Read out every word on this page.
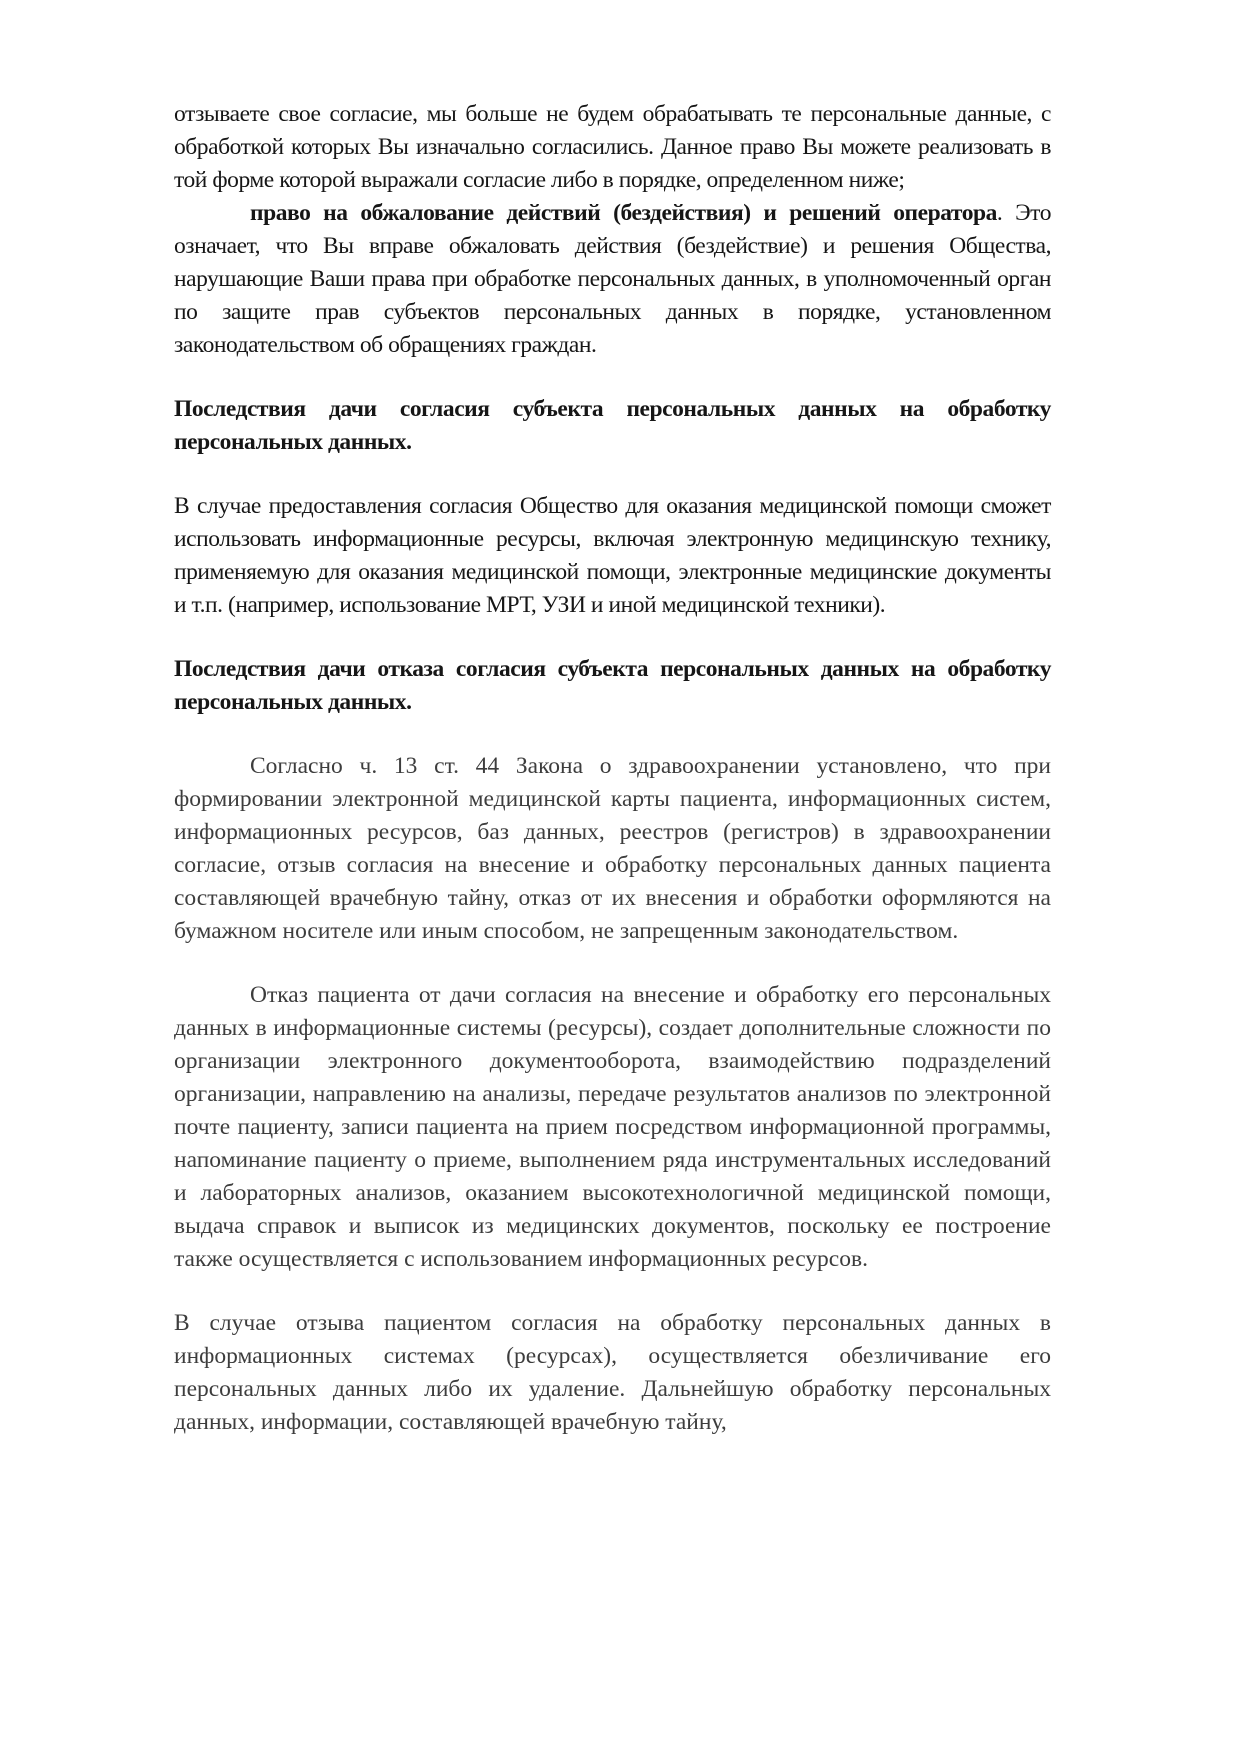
отзываете свое согласие, мы больше не будем обрабатывать те персональные данные, с обработкой которых Вы изначально согласились. Данное право Вы можете реализовать в той форме которой выражали согласие либо в порядке, определенном ниже;

право на обжалование действий (бездействия) и решений оператора. Это означает, что Вы вправе обжаловать действия (бездействие) и решения Общества, нарушающие Ваши права при обработке персональных данных, в уполномоченный орган по защите прав субъектов персональных данных в порядке, установленном законодательством об обращениях граждан.

Последствия дачи согласия субъекта персональных данных на обработку персональных данных.

В случае предоставления согласия Общество для оказания медицинской помощи сможет использовать информационные ресурсы, включая электронную медицинскую технику, применяемую для оказания медицинской помощи, электронные медицинские документы и т.п. (например, использование МРТ, УЗИ и иной медицинской техники).

Последствия дачи отказа согласия субъекта персональных данных на обработку персональных данных.

Согласно ч. 13 ст. 44 Закона о здравоохранении установлено, что при формировании электронной медицинской карты пациента, информационных систем, информационных ресурсов, баз данных, реестров (регистров) в здравоохранении согласие, отзыв согласия на внесение и обработку персональных данных пациента составляющей врачебную тайну, отказ от их внесения и обработки оформляются на бумажном носителе или иным способом, не запрещенным законодательством.

Отказ пациента от дачи согласия на внесение и обработку его персональных данных в информационные системы (ресурсы), создает дополнительные сложности по организации электронного документооборота, взаимодействию подразделений организации, направлению на анализы, передаче результатов анализов по электронной почте пациенту, записи пациента на прием посредством информационной программы, напоминание пациенту о приеме, выполнением ряда инструментальных исследований и лабораторных анализов, оказанием высокотехнологичной медицинской помощи, выдача справок и выписок из медицинских документов, поскольку ее построение также осуществляется с использованием информационных ресурсов.

В случае отзыва пациентом согласия на обработку персональных данных в информационных системах (ресурсах), осуществляется обезличивание его персональных данных либо их удаление. Дальнейшую обработку персональных данных, информации, составляющей врачебную тайну,
